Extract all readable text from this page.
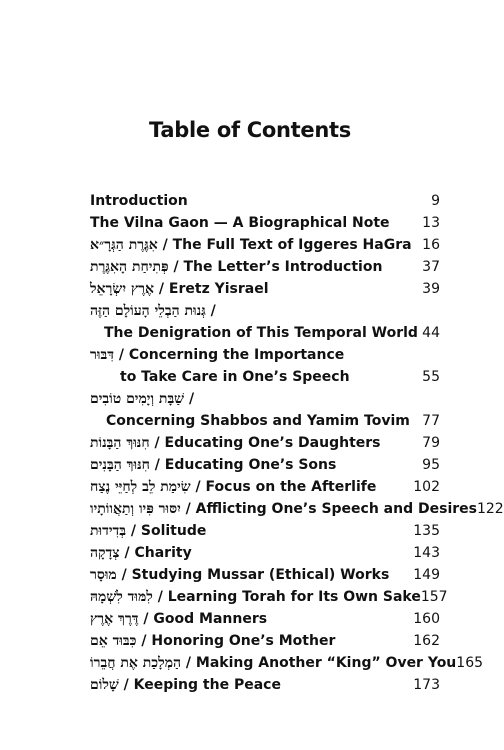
Table of Contents
Introduction	9
The Vilna Gaon — A Biographical Note	13
אִגֶּרֶת הַגְּרָ״א / The Full Text of Iggeres HaGra 16
פְּתִיחַת הָאִגֶּרֶת / The Letter’s Introduction	37
אֶרֶץ יִשְׂרָאֵל / Eretz Yisrael	39
גְּנוּת הַבְלֵי הָעוֹלָם הַזֶּה /
The Denigration of This Temporal World 44
דִּבּוּר / Concerning the Importance
to Take Care in One’s Speech	55
שַׁבָּת וְיָמִים טוֹבִים /
Concerning Shabbos and Yamim Tovim 77
חִנּוּךְ הַבָּנוֹת / Educating One’s Daughters	79
חִנּוּךְ הַבָּנִים / Educating One’s Sons	95
שִׂימַת לֵב לְחַיֵּי נֶצַח / Focus on the Afterlife	102
יִסּוּר פִּיו וְתַאֲווֹתָיו / Afflicting One’s Speech and Desires 122
בְּדִידוּת / Solitude	135
צְדָקָה / Charity	143
מוּסָר / Studying Mussar (Ethical) Works	149
לִמּוּד לִשְׁמָהּ / Learning Torah for Its Own Sake 157
דֶּרֶךְ אֶרֶץ / Good Manners	160
כִּבּוּד אֵם / Honoring One’s Mother	162
הַמְלָכַת אֶת חֲבֵרוֹ / Making Another “King” Over You 165
שָׁלוֹם / Keeping the Peace	173
